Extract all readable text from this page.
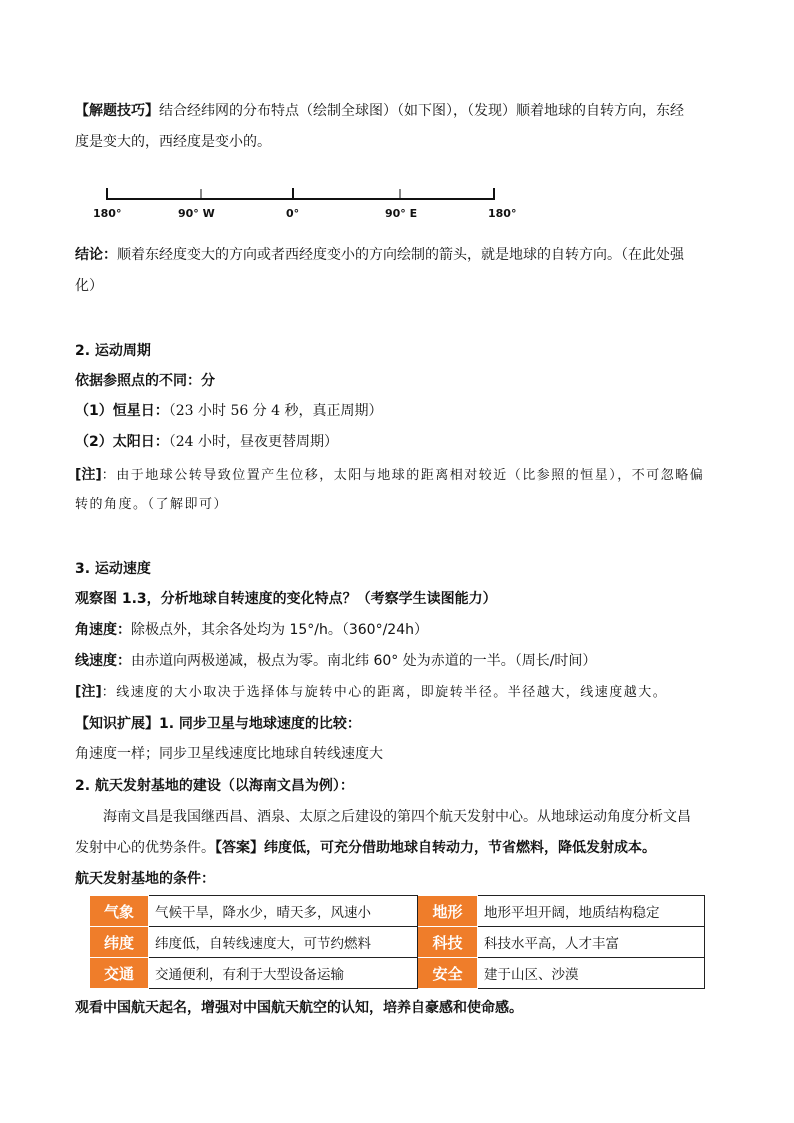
【解题技巧】结合经纬网的分布特点（绘制全球图）（如下图），（发现）顺着地球的自转方向，东经
度是变大的，西经度是变小的。
180°	90° W	0°	90° E	180°
结论：顺着东经度变大的方向或者西经度变小的方向绘制的箭头，就是地球的自转方向。（在此处强
化）
2. 运动周期
依据参照点的不同：分
（1）恒星日：（23 小时 56 分 4 秒，真正周期）
（2）太阳日：（24 小时，昼夜更替周期）
[注]：由于地球公转导致位置产生位移，太阳与地球的距离相对较近（比参照的恒星），不可忽略偏
转的角度。（了解即可）
3. 运动速度
观察图 1.3，分析地球自转速度的变化特点？（考察学生读图能力）
角速度：除极点外，其余各处均为 15°/h。（360°/24h）
线速度：由赤道向两极递减，极点为零。南北纬 60° 处为赤道的一半。（周长/时间）
[注]：线速度的大小取决于选择体与旋转中心的距离，即旋转半径。半径越大，线速度越大。
【知识扩展】1. 同步卫星与地球速度的比较：
角速度一样；同步卫星线速度比地球自转线速度大
2. 航天发射基地的建设（以海南文昌为例）：
海南文昌是我国继西昌、酒泉、太原之后建设的第四个航天发射中心。从地球运动角度分析文昌
发射中心的优势条件。【答案】纬度低，可充分借助地球自转动力，节省燃料，降低发射成本。
航天发射基地的条件：
气象	气候干旱，降水少，晴天多，风速小	地形	地形平坦开阔，地质结构稳定
纬度	纬度低，自转线速度大，可节约燃料	科技	科技水平高，人才丰富
交通	交通便利，有利于大型设备运输	安全	建于山区、沙漠
观看中国航天起名，增强对中国航天航空的认知，培养自豪感和使命感。
